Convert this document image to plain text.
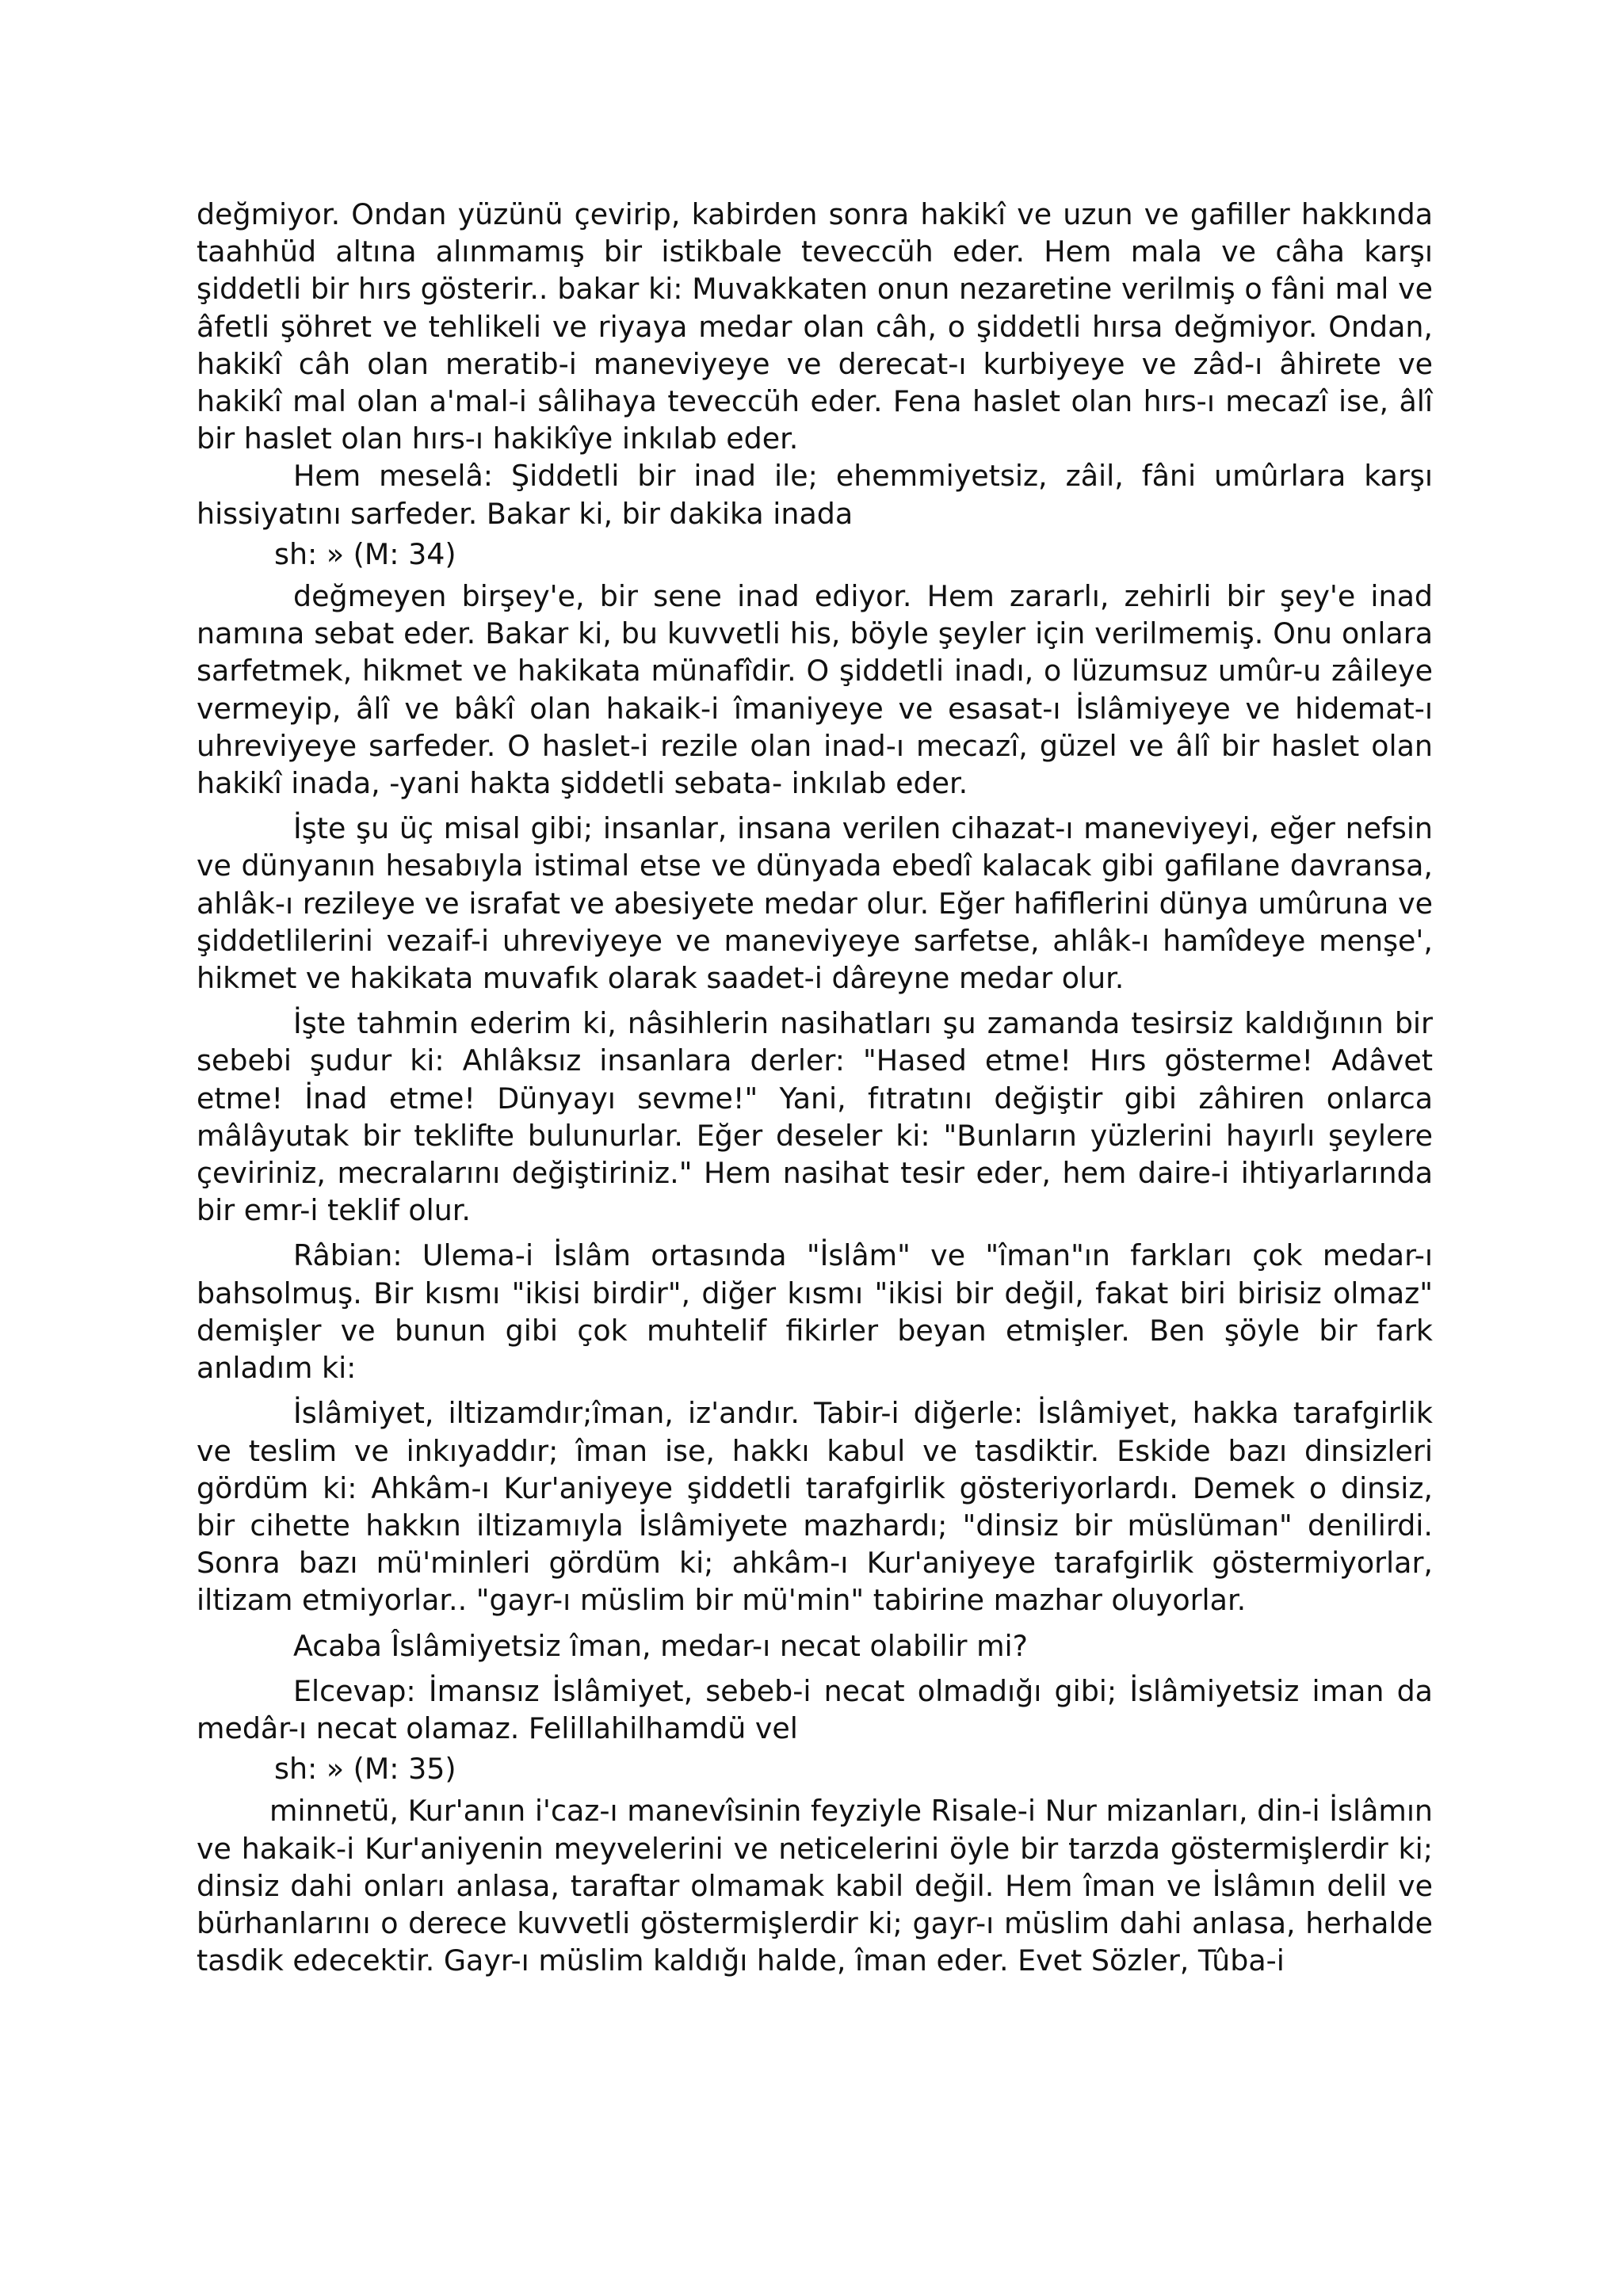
değmiyor. Ondan yüzünü çevirip, kabirden sonra hakikî ve uzun ve gafiller hakkında taahhüd altına alınmamış bir istikbale teveccüh eder. Hem mala ve câha karşı şiddetli bir hırs gösterir.. bakar ki: Muvakkaten onun nezaretine verilmiş o fâni mal ve âfetli şöhret ve tehlikeli ve riyaya medar olan câh, o şiddetli hırsa değmiyor. Ondan, hakikî câh olan meratib-i maneviyeye ve derecat-ı kurbiyeye ve zâd-ı âhirete ve hakikî mal olan a'mal-i sâlihaya teveccüh eder. Fena haslet olan hırs-ı mecazî ise, âlî bir haslet olan hırs-ı hakikîye inkılab eder.

Hem meselâ: Şiddetli bir inad ile; ehemmiyetsiz, zâil, fâni umûrlara karşı hissiyatını sarfeder. Bakar ki, bir dakika inada

sh: » (M: 34)

değmeyen birşey'e, bir sene inad ediyor. Hem zararlı, zehirli bir şey'e inad namına sebat eder. Bakar ki, bu kuvvetli his, böyle şeyler için verilmemiş. Onu onlara sarfetmek, hikmet ve hakikata münafîdir. O şiddetli inadı, o lüzumsuz umûr-u zâileye vermeyip, âlî ve bâkî olan hakaik-i îmaniyeye ve esasat-ı İslâmiyeye ve hidemat-ı uhreviyeye sarfeder. O haslet-i rezile olan inad-ı mecazî, güzel ve âlî bir haslet olan hakikî inada, -yani hakta şiddetli sebata- inkılab eder.

İşte şu üç misal gibi; insanlar, insana verilen cihazat-ı maneviyeyi, eğer nefsin ve dünyanın hesabıyla istimal etse ve dünyada ebedî kalacak gibi gafilane davransa, ahlâk-ı rezileye ve israfat ve abesiyete medar olur. Eğer hafiflerini dünya umûruna ve şiddetlilerini vezaif-i uhreviyeye ve maneviyeye sarfetse, ahlâk-ı hamîdeye menşe', hikmet ve hakikata muvafık olarak saadet-i dâreyne medar olur.

İşte tahmin ederim ki, nâsihlerin nasihatları şu zamanda tesirsiz kaldığının bir sebebi şudur ki: Ahlâksız insanlara derler: "Hased etme! Hırs gösterme! Adâvet etme! İnad etme! Dünyayı sevme!" Yani, fıtratını değiştir gibi zâhiren onlarca mâlâyutak bir teklifte bulunurlar. Eğer deseler ki: "Bunların yüzlerini hayırlı şeylere çeviriniz, mecralarını değiştiriniz." Hem nasihat tesir eder, hem daire-i ihtiyarlarında bir emr-i teklif olur.

Râbian: Ulema-i İslâm ortasında "İslâm" ve "îman"ın farkları çok medar-ı bahsolmuş. Bir kısmı "ikisi birdir", diğer kısmı "ikisi bir değil, fakat biri birisiz olmaz" demişler ve bunun gibi çok muhtelif fikirler beyan etmişler. Ben şöyle bir fark anladım ki:

İslâmiyet, iltizamdır;îman, iz'andır. Tabir-i diğerle: İslâmiyet, hakka tarafgirlik ve teslim ve inkıyaddır; îman ise, hakkı kabul ve tasdiktir. Eskide bazı dinsizleri gördüm ki: Ahkâm-ı Kur'aniyeye şiddetli tarafgirlik gösteriyorlardı. Demek o dinsiz, bir cihette hakkın iltizamıyla İslâmiyete mazhardı; "dinsiz bir müslüman" denilirdi. Sonra bazı mü'minleri gördüm ki; ahkâm-ı Kur'aniyeye tarafgirlik göstermiyorlar, iltizam etmiyorlar.. "gayr-ı müslim bir mü'min" tabirine mazhar oluyorlar.

Acaba Îslâmiyetsiz îman, medar-ı necat olabilir mi?

Elcevap: İmansız İslâmiyet, sebeb-i necat olmadığı gibi; İslâmiyetsiz iman da medâr-ı necat olamaz. Felillahilhamdü vel

sh: » (M: 35)

minnetü, Kur'anın i'caz-ı manevîsinin feyziyle Risale-i Nur mizanları, din-i İslâmın ve hakaik-i Kur'aniyenin meyvelerini ve neticelerini öyle bir tarzda göstermişlerdir ki; dinsiz dahi onları anlasa, taraftar olmamak kabil değil. Hem îman ve İslâmın delil ve bürhanlarını o derece kuvvetli göstermişlerdir ki; gayr-ı müslim dahi anlasa, herhalde tasdik edecektir. Gayr-ı müslim kaldığı halde, îman eder. Evet Sözler, Tûba-i
